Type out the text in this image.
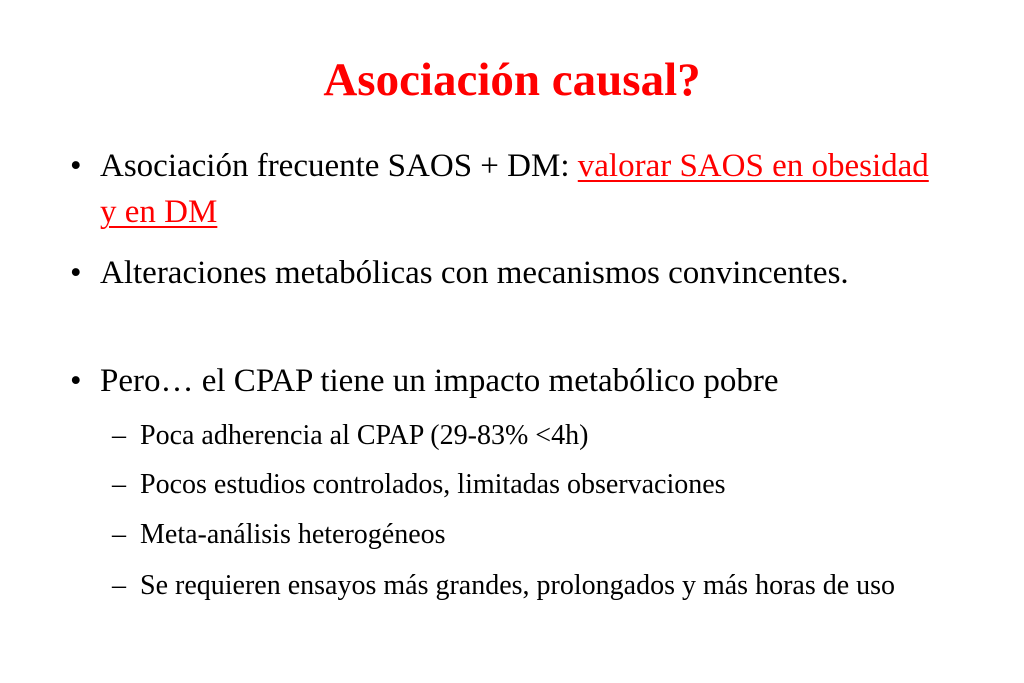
Asociación causal?
• Asociación frecuente SAOS + DM: valorar SAOS en obesidad y en DM
• Alteraciones metabólicas con mecanismos convincentes.
• Pero… el CPAP tiene un impacto metabólico pobre
– Poca adherencia al CPAP (29-83% <4h)
– Pocos estudios controlados, limitadas observaciones
– Meta-análisis heterogéneos
– Se requieren ensayos más grandes, prolongados y más horas de uso
